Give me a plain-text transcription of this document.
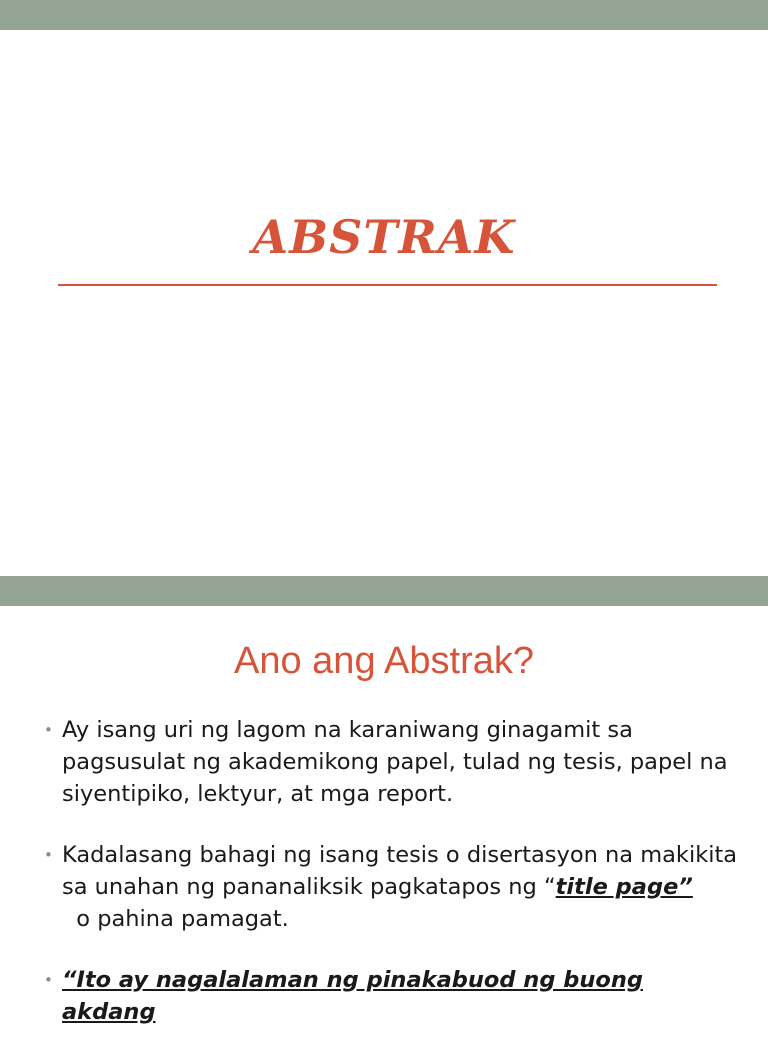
ABSTRAK
Ano ang Abstrak?
• Ay isang uri ng lagom na karaniwang ginagamit sa pagsusulat ng akademikong papel, tulad ng tesis, papel na siyentipiko, lektyur, at mga report.
• Kadalasang bahagi ng isang tesis o disertasyon na makikita sa unahan ng pananaliksik pagkatapos ng “title page”  o pahina pamagat.
• “Ito ay nagalalaman ng pinakabuod ng buong akdang
